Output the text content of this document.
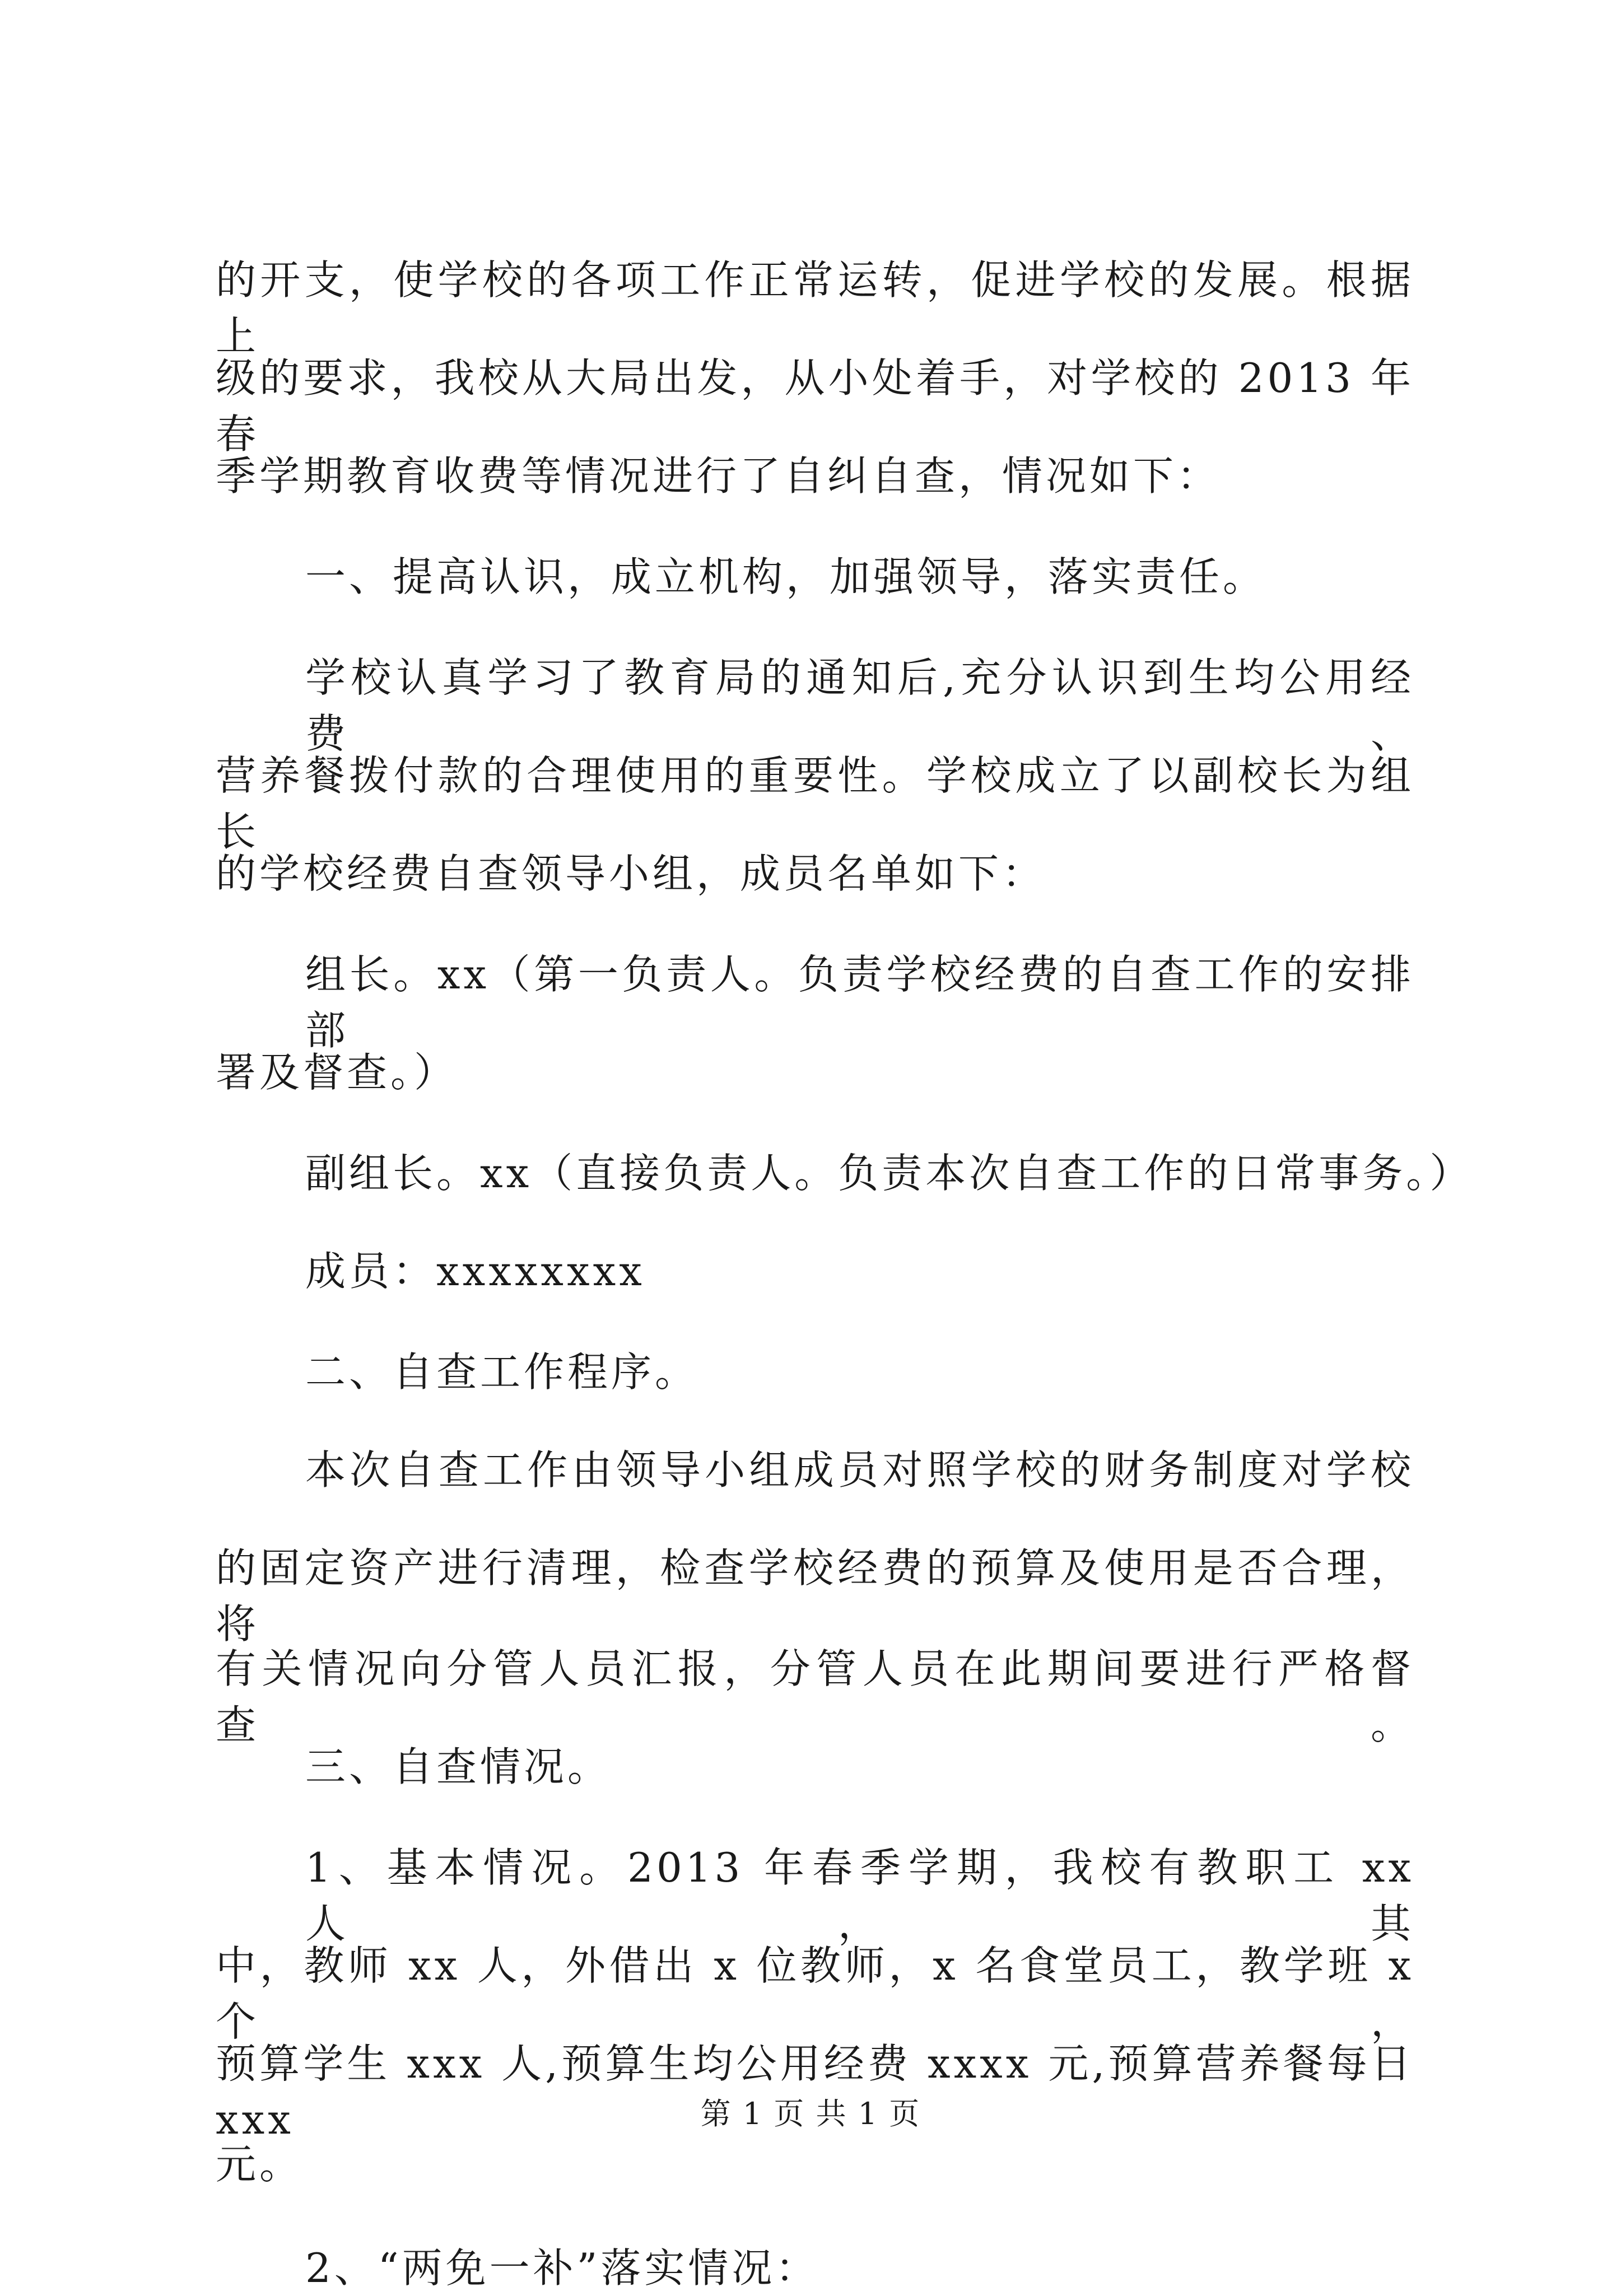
的开支，使学校的各项工作正常运转，促进学校的发展。根据上
级的要求，我校从大局出发，从小处着手，对学校的 2013 年春
季学期教育收费等情况进行了自纠自查，情况如下：
一、提高认识，成立机构，加强领导，落实责任。
学校认真学习了教育局的通知后,充分认识到生均公用经费、
营养餐拨付款的合理使用的重要性。学校成立了以副校长为组长
的学校经费自查领导小组，成员名单如下：
组长。xx（第一负责人。负责学校经费的自查工作的安排部
署及督查。）
副组长。xx（直接负责人。负责本次自查工作的日常事务。）
成员：xxxxxxxx
二、自查工作程序。
本次自查工作由领导小组成员对照学校的财务制度对学校
的固定资产进行清理，检查学校经费的预算及使用是否合理，将
有关情况向分管人员汇报，分管人员在此期间要进行严格督查。
三、自查情况。
1、基本情况。2013 年春季学期，我校有教职工 xx 人，其
中，教师 xx 人，外借出 x 位教师，x 名食堂员工，教学班 x 个，
预算学生 xxx 人,预算生均公用经费 xxxx 元,预算营养餐每日 xxx
元。
2、“两免一补”落实情况：
第 1 页 共 1 页
